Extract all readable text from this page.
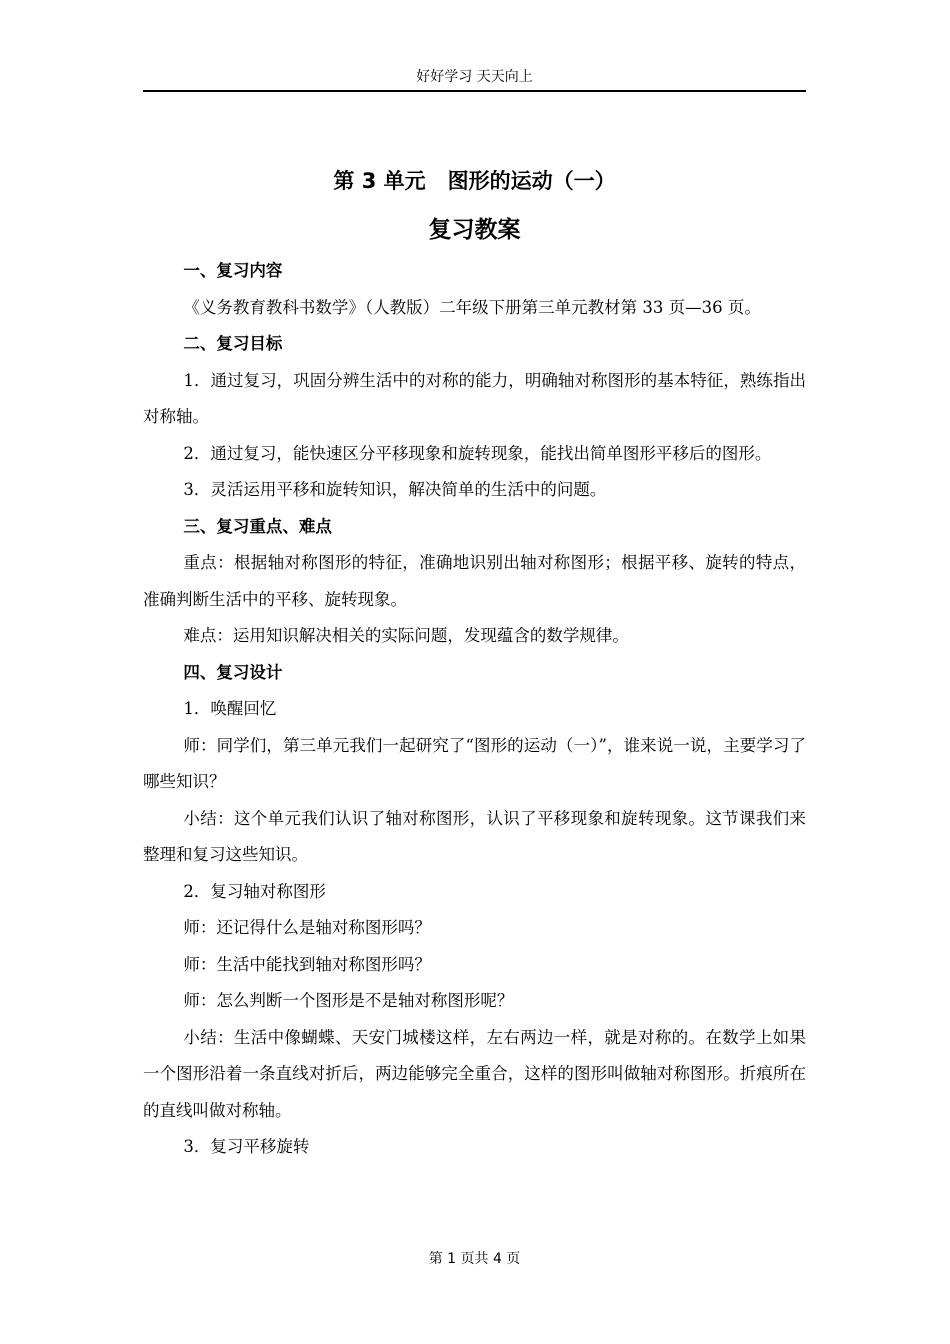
好好学习 天天向上
第 3 单元   图形的运动（一）
复习教案

一、复习内容

《义务教育教科书数学》（人教版）二年级下册第三单元教材第 33 页—36 页。

二、复习目标

1．通过复习，巩固分辨生活中的对称的能力，明确轴对称图形的基本特征，熟练指出对称轴。

2．通过复习，能快速区分平移现象和旋转现象，能找出简单图形平移后的图形。

3．灵活运用平移和旋转知识，解决简单的生活中的问题。

三、复习重点、难点

重点：根据轴对称图形的特征，准确地识别出轴对称图形；根据平移、旋转的特点，准确判断生活中的平移、旋转现象。

难点：运用知识解决相关的实际问题，发现蕴含的数学规律。

四、复习设计

1．唤醒回忆

师：同学们，第三单元我们一起研究了“图形的运动（一）”，谁来说一说，主要学习了哪些知识？

小结：这个单元我们认识了轴对称图形，认识了平移现象和旋转现象。这节课我们来整理和复习这些知识。

2．复习轴对称图形

师：还记得什么是轴对称图形吗？

师：生活中能找到轴对称图形吗？

师：怎么判断一个图形是不是轴对称图形呢？

小结：生活中像蝴蝶、天安门城楼这样，左右两边一样，就是对称的。在数学上如果一个图形沿着一条直线对折后，两边能够完全重合，这样的图形叫做轴对称图形。折痕所在的直线叫做对称轴。

3．复习平移旋转

第 1 页共 4 页
